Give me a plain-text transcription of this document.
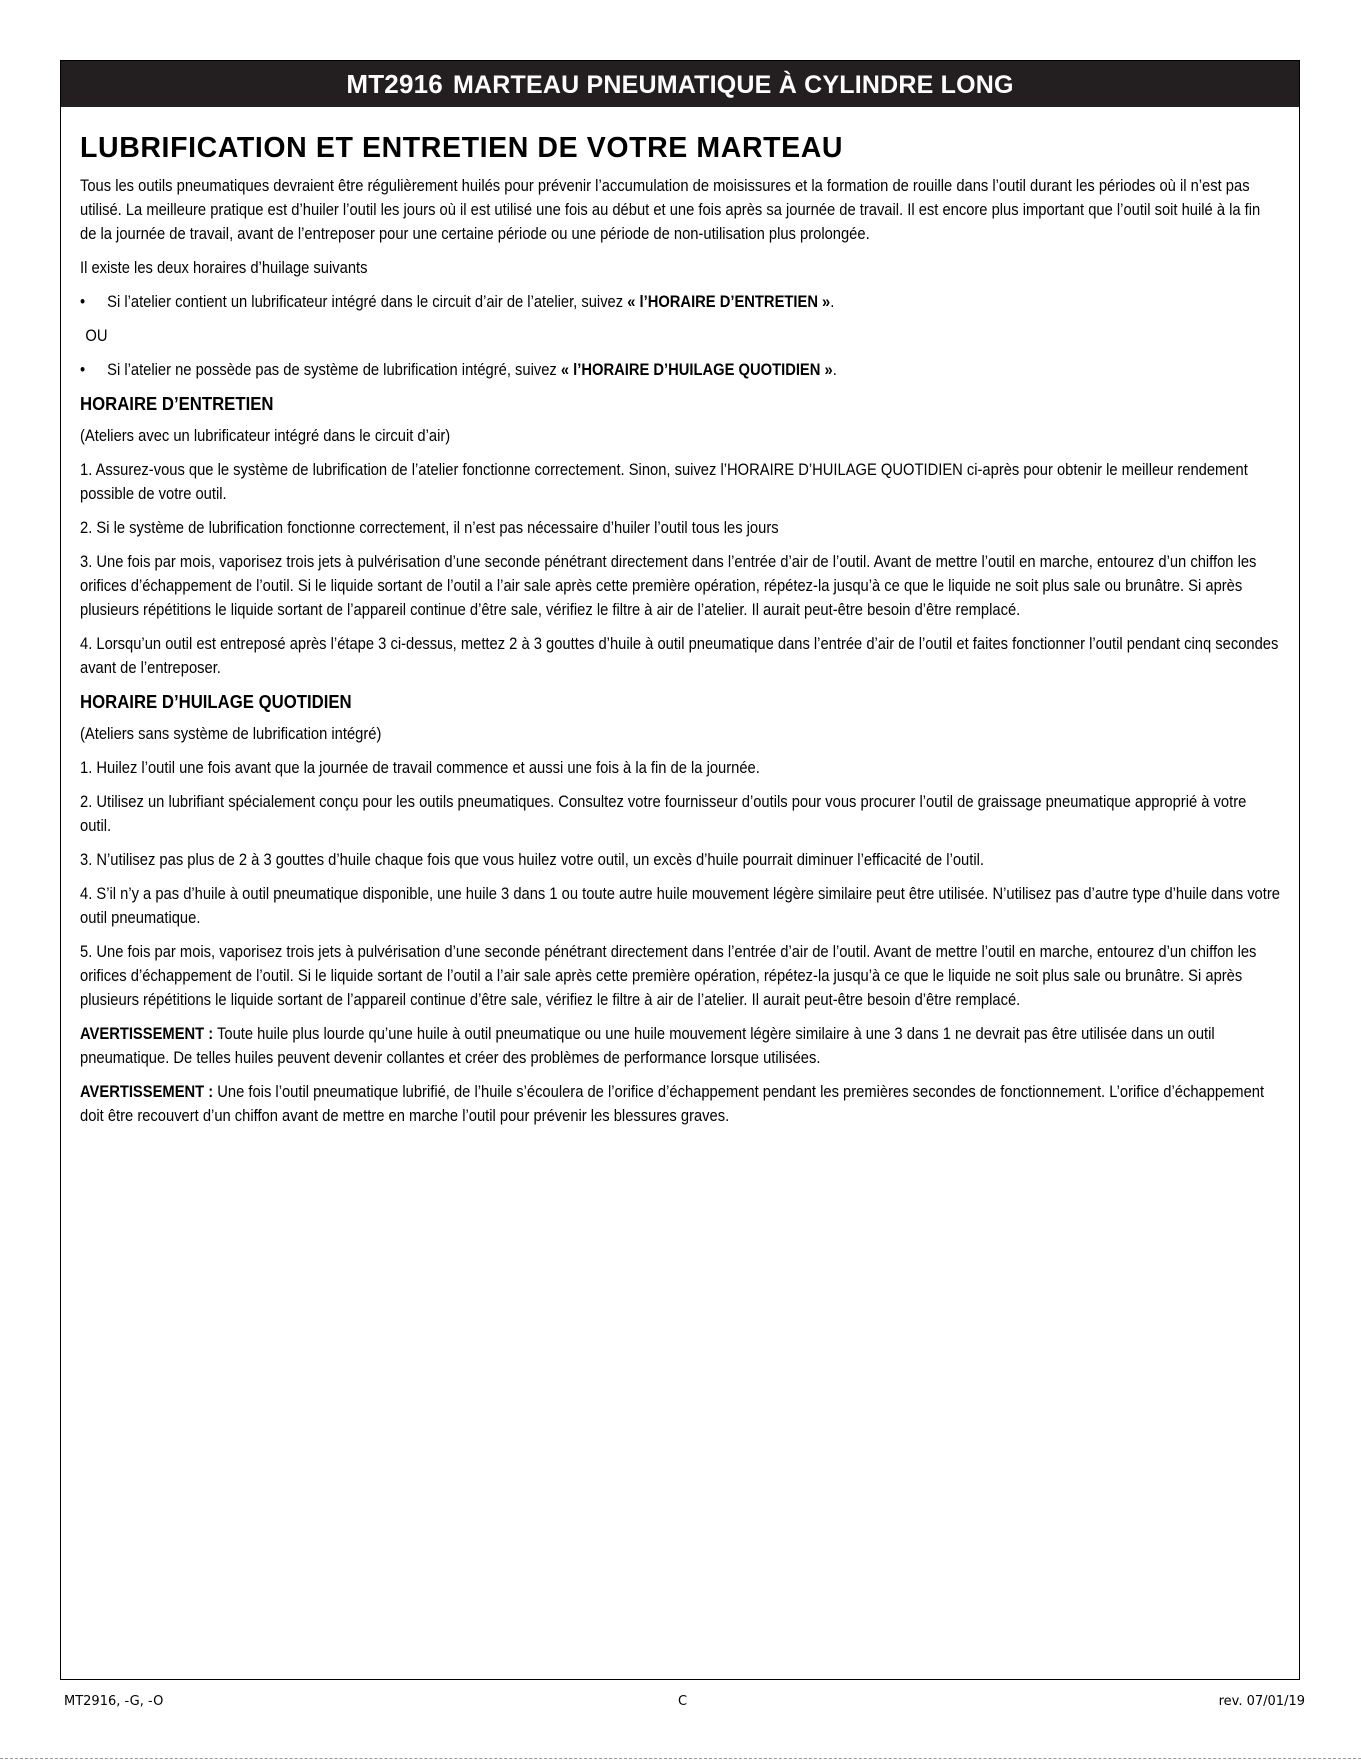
MT2916 MARTEAU PNEUMATIQUE À CYLINDRE LONG
LUBRIFICATION ET ENTRETIEN DE VOTRE MARTEAU

Tous les outils pneumatiques devraient être régulièrement huilés pour prévenir l’accumulation de moisissures et la formation de rouille dans l’outil durant les périodes où il n’est pas utilisé. La meilleure pratique est d’huiler l’outil les jours où il est utilisé une fois au début et une fois après sa journée de travail. Il est encore plus important que l’outil soit huilé à la fin de la journée de travail, avant de l’entreposer pour une certaine période ou une période de non-utilisation plus prolongée.

Il existe les deux horaires d’huilage suivants

• Si l’atelier contient un lubrificateur intégré dans le circuit d’air de l’atelier, suivez « l’HORAIRE D’ENTRETIEN ».
OU
• Si l’atelier ne possède pas de système de lubrification intégré, suivez « l’HORAIRE D’HUILAGE QUOTIDIEN ».
HORAIRE D’ENTRETIEN

(Ateliers avec un lubrificateur intégré dans le circuit d’air)

1. Assurez-vous que le système de lubrification de l’atelier fonctionne correctement. Sinon, suivez l’HORAIRE D’HUILAGE QUOTIDIEN ci-après pour obtenir le meilleur rendement possible de votre outil.

2. Si le système de lubrification fonctionne correctement, il n’est pas nécessaire d’huiler l’outil tous les jours

3. Une fois par mois, vaporisez trois jets à pulvérisation d’une seconde pénétrant directement dans l’entrée d’air de l’outil. Avant de mettre l’outil en marche, entourez d’un chiffon les orifices d’échappement de l’outil. Si le liquide sortant de l’outil a l’air sale après cette première opération, répétez-la jusqu’à ce que le liquide ne soit plus sale ou brunâtre. Si après plusieurs répétitions le liquide sortant de l’appareil continue d’être sale, vérifiez le filtre à air de l’atelier. Il aurait peut-être besoin d’être remplacé.

4. Lorsqu’un outil est entreposé après l’étape 3 ci-dessus, mettez 2 à 3 gouttes d’huile à outil pneumatique dans l’entrée d’air de l’outil et faites fonctionner l’outil pendant cinq secondes avant de l’entreposer.

HORAIRE D’HUILAGE QUOTIDIEN

(Ateliers sans système de lubrification intégré)

1. Huilez l’outil une fois avant que la journée de travail commence et aussi une fois à la fin de la journée.

2. Utilisez un lubrifiant spécialement conçu pour les outils pneumatiques. Consultez votre fournisseur d’outils pour vous procurer l’outil de graissage pneumatique approprié à votre outil.

3. N’utilisez pas plus de 2 à 3 gouttes d’huile chaque fois que vous huilez votre outil, un excès d’huile pourrait diminuer l’efficacité de l’outil.

4. S’il n’y a pas d’huile à outil pneumatique disponible, une huile 3 dans 1 ou toute autre huile mouvement légère similaire peut être utilisée. N’utilisez pas d’autre type d’huile dans votre outil pneumatique.

5. Une fois par mois, vaporisez trois jets à pulvérisation d’une seconde pénétrant directement dans l’entrée d’air de l’outil. Avant de mettre l’outil en marche, entourez d’un chiffon les orifices d’échappement de l’outil. Si le liquide sortant de l’outil a l’air sale après cette première opération, répétez-la jusqu’à ce que le liquide ne soit plus sale ou brunâtre. Si après plusieurs répétitions le liquide sortant de l’appareil continue d’être sale, vérifiez le filtre à air de l’atelier. Il aurait peut-être besoin d’être remplacé.

AVERTISSEMENT : Toute huile plus lourde qu’une huile à outil pneumatique ou une huile mouvement légère similaire à une 3 dans 1 ne devrait pas être utilisée dans un outil pneumatique. De telles huiles peuvent devenir collantes et créer des problèmes de performance lorsque utilisées.

AVERTISSEMENT : Une fois l’outil pneumatique lubrifié, de l’huile s’écoulera de l’orifice d’échappement pendant les premières secondes de fonctionnement. L’orifice d’échappement doit être recouvert d’un chiffon avant de mettre en marche l’outil pour prévenir les blessures graves.

MT2916, -G, -O	C	rev. 07/01/19
